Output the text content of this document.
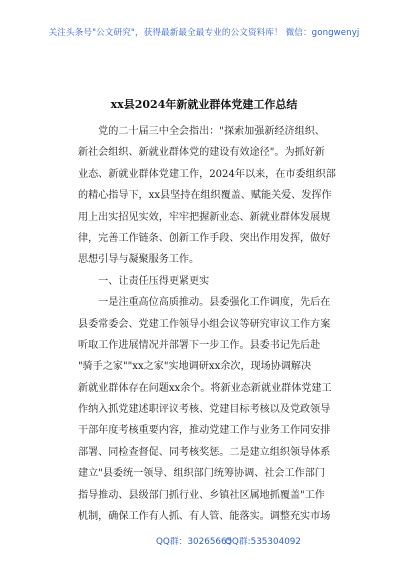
关注头条号"公文研究"，获得最新最全最专业的公文资料库！ 微信：gongwenyj
xx县2024年新就业群体党建工作总结
　　党的二十届三中全会指出："探索加强新经济组织、
新社会组织、新就业群体党的建设有效途径"。为抓好新
业态、新就业群体党建工作，2024年以来，在市委组织部
的精心指导下，xx县坚持在组织覆盖、赋能关爱、发挥作
用上出实招见实效，牢牢把握新业态、新就业群体发展规
律，完善工作链条、创新工作手段、突出作用发挥，做好
思想引导与凝聚服务工作。
　　一、让责任压得更紧更实
　　一是注重高位高质推动。县委强化工作调度，先后在
县委常委会、党建工作领导小组会议等研究审议工作方案
听取工作进展情况并部署下一步工作。县委书记先后赴
"骑手之家""xx之家"实地调研xx余次，现场协调解决
新就业群体存在问题xx余个。将新业态新就业群体党建工
作纳入抓党建述职评议考核、党建目标考核以及党政领导
干部年度考核重要内容，推动党建工作与业务工作同安排
部署、同检查督促、同考核奖惩。二是建立组织领导体系
建立"县委统一领导、组织部门统筹协调、社会工作部门
指导推动、县级部门抓行业、乡镇社区属地抓覆盖"工作
机制，确保工作有人抓、有人管、能落实。调整充实市场
QQ群：30265665
QQ群:535304092
